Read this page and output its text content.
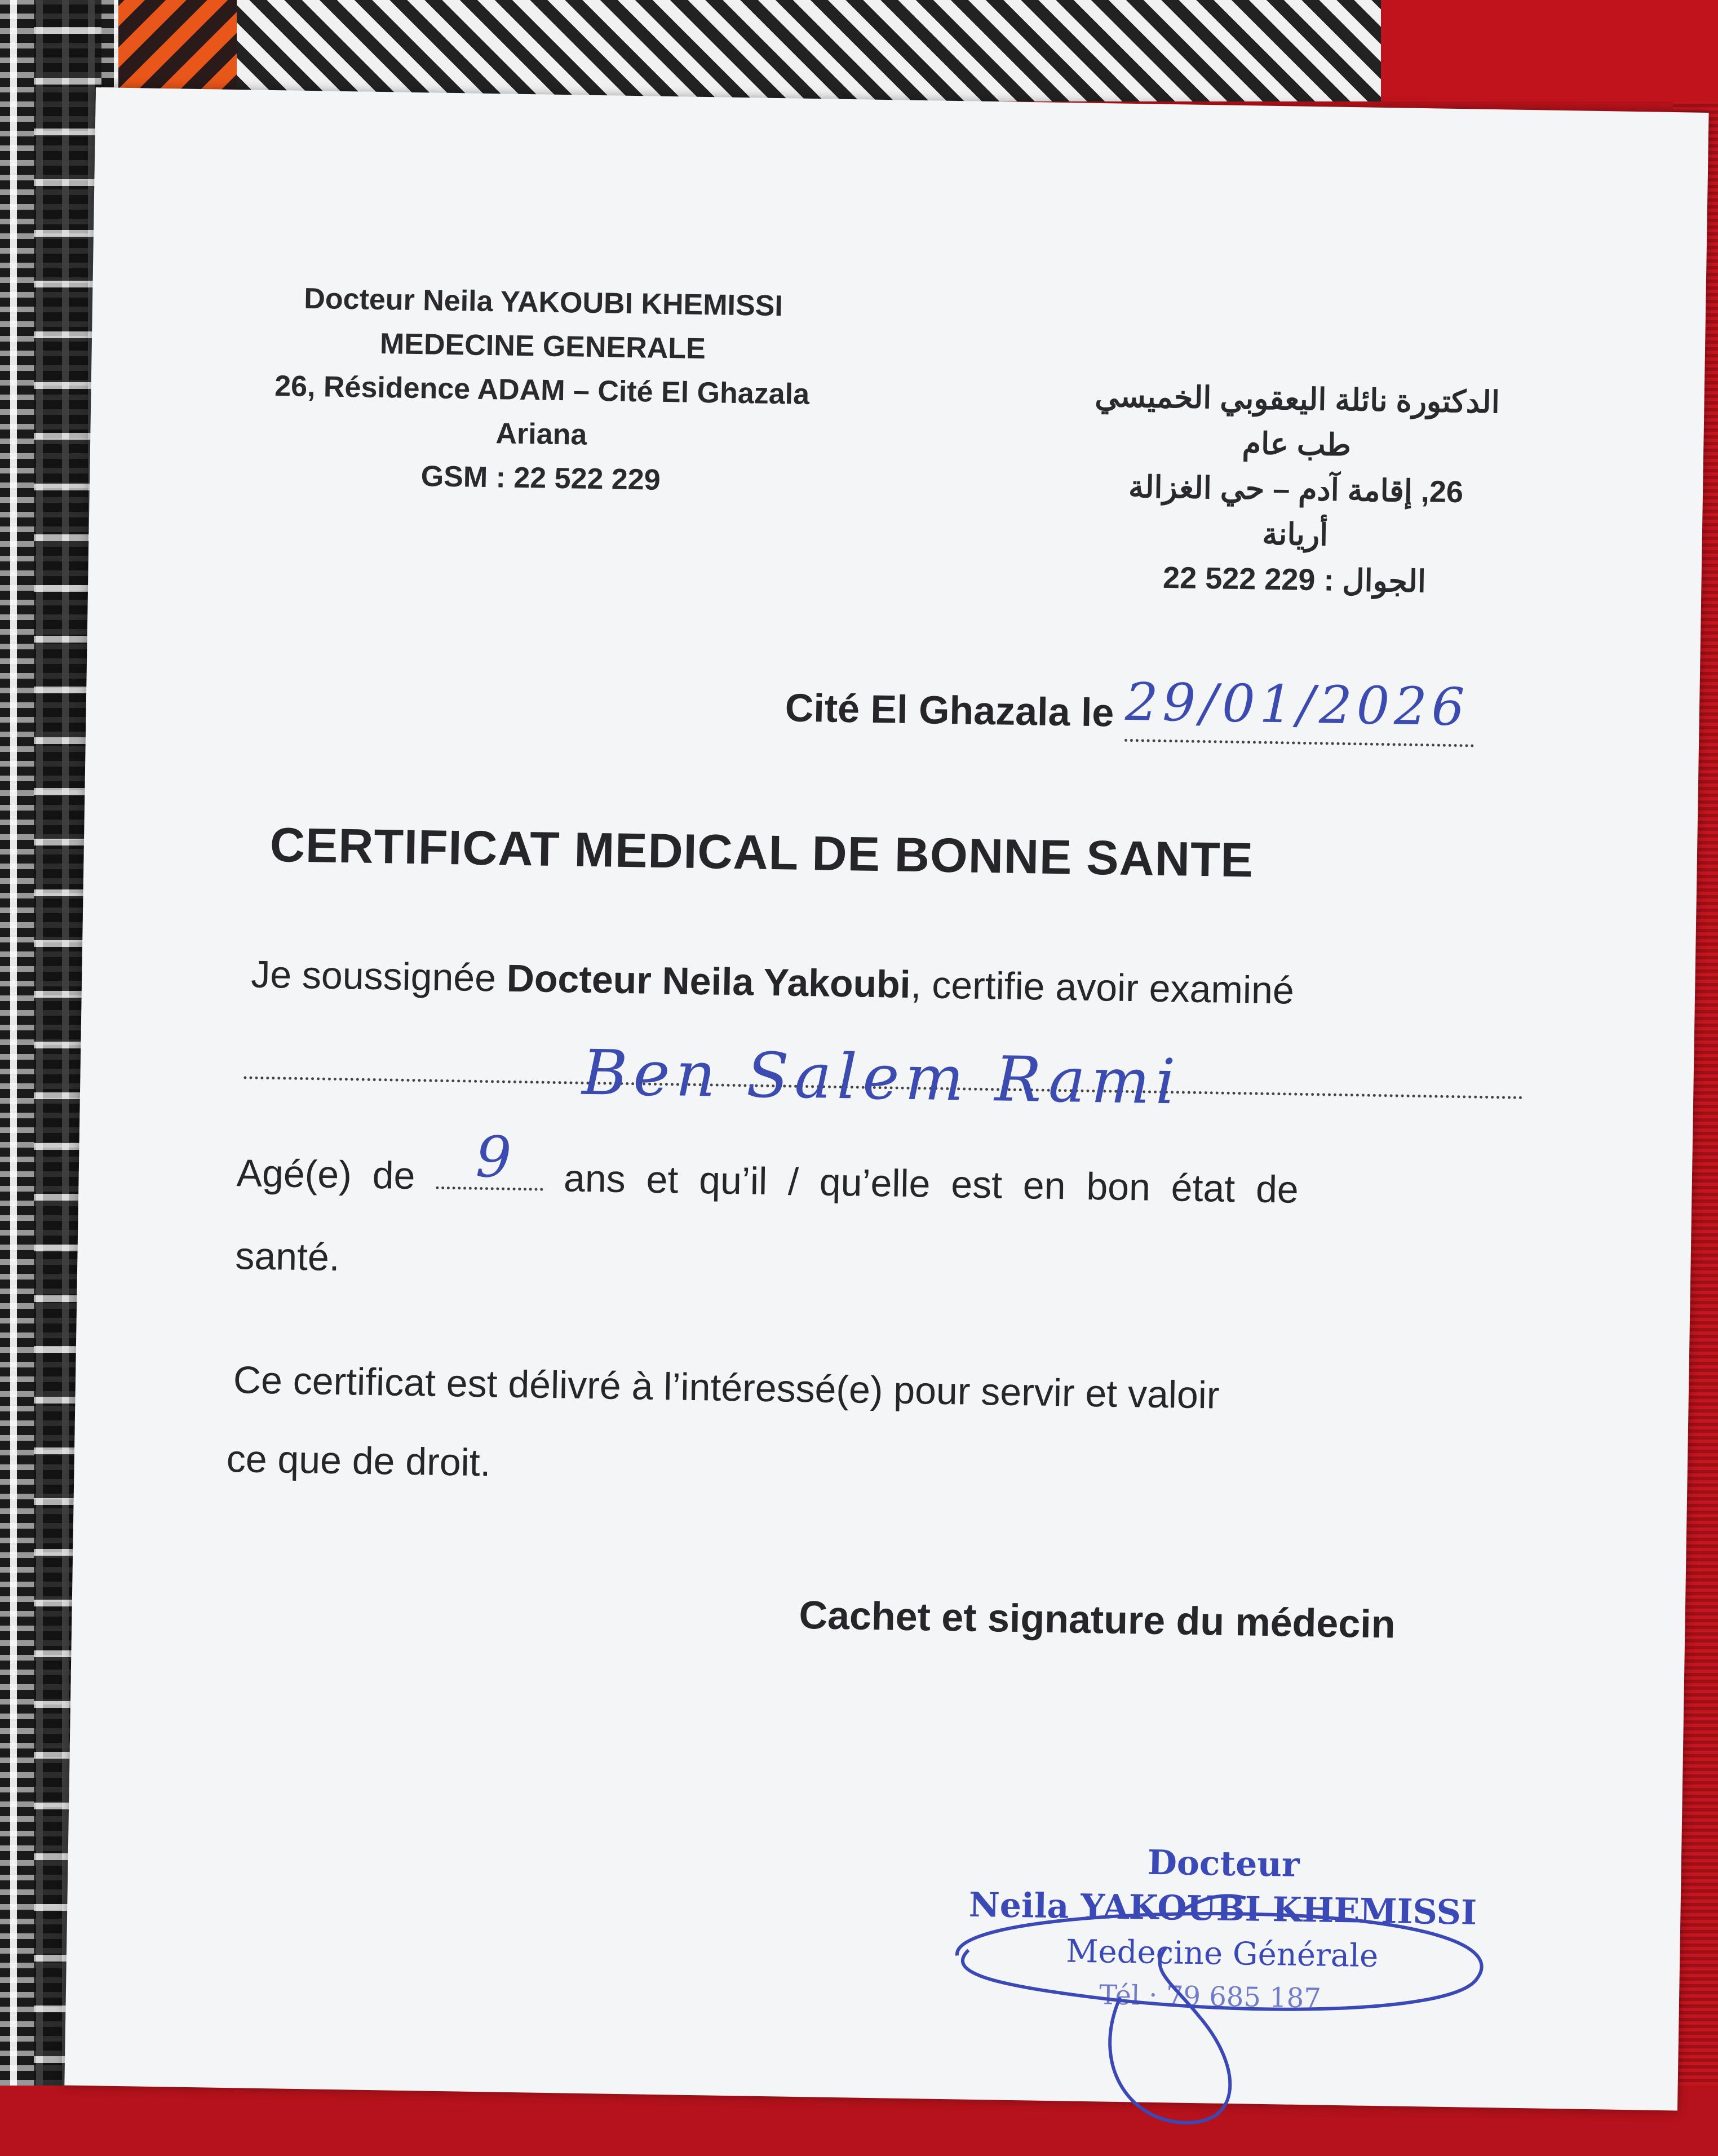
Docteur Neila YAKOUBI KHEMISSI
MEDECINE GENERALE
26, Résidence ADAM – Cité El Ghazala
Ariana
GSM : 22 522 229
الدكتورة نائلة اليعقوبي الخميسي
طب عام
26, إقامة آدم – حي الغزالة
أريانة
الجوال : 229 522 22
Cité El Ghazala le 29/01/2026
CERTIFICAT MEDICAL DE BONNE SANTE
Je soussignée Docteur Neila Yakoubi, certifie avoir examiné
Ben Salem Rami
Agé(e) de 9 ans et qu’il / qu’elle est en bon état de
santé.
Ce certificat est délivré à l’intéressé(e) pour servir et valoir
ce que de droit.
Cachet et signature du médecin
Docteur
Neila YAKOUBI KHEMISSI
Medecine Générale
Tél : 79 685 187
